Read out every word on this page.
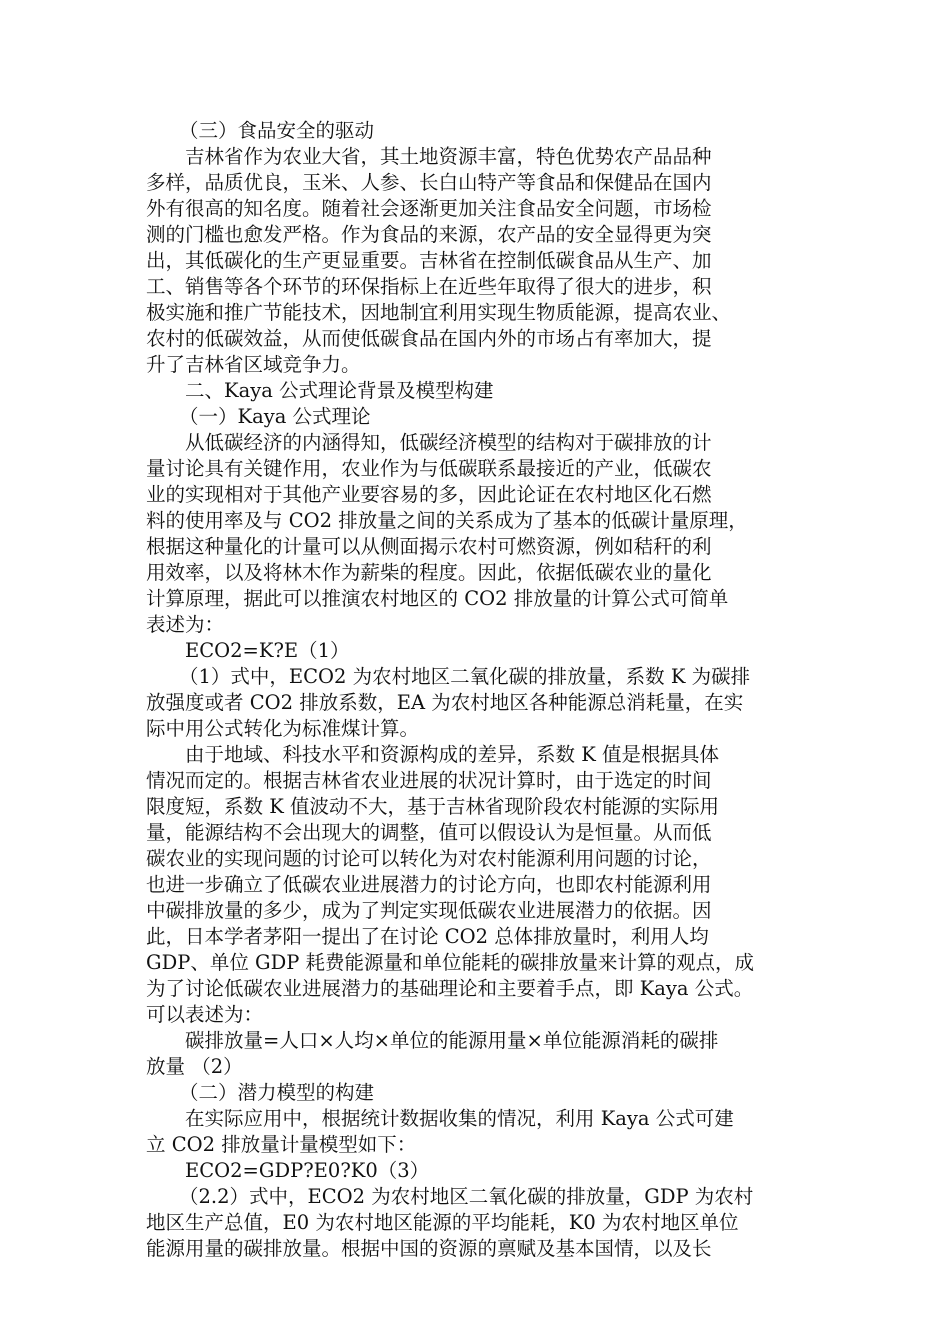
（三）食品安全的驱动
吉林省作为农业大省，其土地资源丰富，特色优势农产品品种
多样，品质优良，玉米、人参、长白山特产等食品和保健品在国内
外有很高的知名度。随着社会逐渐更加关注食品安全问题，市场检
测的门槛也愈发严格。作为食品的来源，农产品的安全显得更为突
出，其低碳化的生产更显重要。吉林省在控制低碳食品从生产、加
工、销售等各个环节的环保指标上在近些年取得了很大的进步，积
极实施和推广节能技术，因地制宜利用实现生物质能源，提高农业、
农村的低碳效益，从而使低碳食品在国内外的市场占有率加大，提
升了吉林省区域竞争力。
二、Kaya 公式理论背景及模型构建
（一）Kaya 公式理论
从低碳经济的内涵得知，低碳经济模型的结构对于碳排放的计
量讨论具有关键作用，农业作为与低碳联系最接近的产业，低碳农
业的实现相对于其他产业要容易的多，因此论证在农村地区化石燃
料的使用率及与 CO2 排放量之间的关系成为了基本的低碳计量原理，
根据这种量化的计量可以从侧面揭示农村可燃资源，例如秸秆的利
用效率，以及将林木作为薪柴的程度。因此，依据低碳农业的量化
计算原理，据此可以推演农村地区的 CO2 排放量的计算公式可简单
表述为：
ECO2=K?E（1）
（1）式中，ECO2 为农村地区二氧化碳的排放量，系数 K 为碳排
放强度或者 CO2 排放系数，EA 为农村地区各种能源总消耗量，在实
际中用公式转化为标准煤计算。
由于地域、科技水平和资源构成的差异，系数 K 值是根据具体
情况而定的。根据吉林省农业进展的状况计算时，由于选定的时间
限度短，系数 K 值波动不大，基于吉林省现阶段农村能源的实际用
量，能源结构不会出现大的调整，值可以假设认为是恒量。从而低
碳农业的实现问题的讨论可以转化为对农村能源利用问题的讨论，
也进一步确立了低碳农业进展潜力的讨论方向，也即农村能源利用
中碳排放量的多少，成为了判定实现低碳农业进展潜力的依据。因
此，日本学者茅阳一提出了在讨论 CO2 总体排放量时，利用人均
GDP、单位 GDP 耗费能源量和单位能耗的碳排放量来计算的观点，成
为了讨论低碳农业进展潜力的基础理论和主要着手点，即 Kaya 公式。
可以表述为：
碳排放量=人口×人均×单位的能源用量×单位能源消耗的碳排
放量 （2）
（二）潜力模型的构建
在实际应用中，根据统计数据收集的情况，利用 Kaya 公式可建
立 CO2 排放量计量模型如下：
ECO2=GDP?E0?K0（3）
（2.2）式中，ECO2 为农村地区二氧化碳的排放量，GDP 为农村
地区生产总值，E0 为农村地区能源的平均能耗，K0 为农村地区单位
能源用量的碳排放量。根据中国的资源的禀赋及基本国情，以及长
